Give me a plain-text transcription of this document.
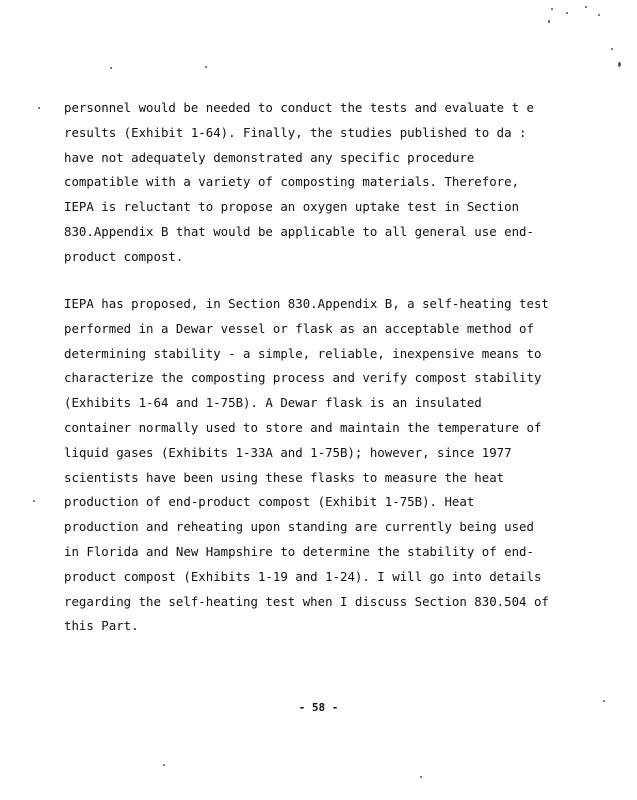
personnel would be needed to conduct the tests and evaluate t e
results (Exhibit 1-64). Finally, the studies published to da :
have not adequately demonstrated any specific procedure
compatible with a variety of composting materials. Therefore,
IEPA is reluctant to propose an oxygen uptake test in Section
830.Appendix B that would be applicable to all general use end-
product compost.
IEPA has proposed, in Section 830.Appendix B, a self-heating test
performed in a Dewar vessel or flask as an acceptable method of
determining stability - a simple, reliable, inexpensive means to
characterize the composting process and verify compost stability
(Exhibits 1-64 and 1-75B). A Dewar flask is an insulated
container normally used to store and maintain the temperature of
liquid gases (Exhibits 1-33A and 1-75B); however, since 1977
scientists have been using these flasks to measure the heat
production of end-product compost (Exhibit 1-75B). Heat
production and reheating upon standing are currently being used
in Florida and New Hampshire to determine the stability of end-
product compost (Exhibits 1-19 and 1-24). I will go into details
regarding the self-heating test when I discuss Section 830.504 of
this Part.
- 58 -
